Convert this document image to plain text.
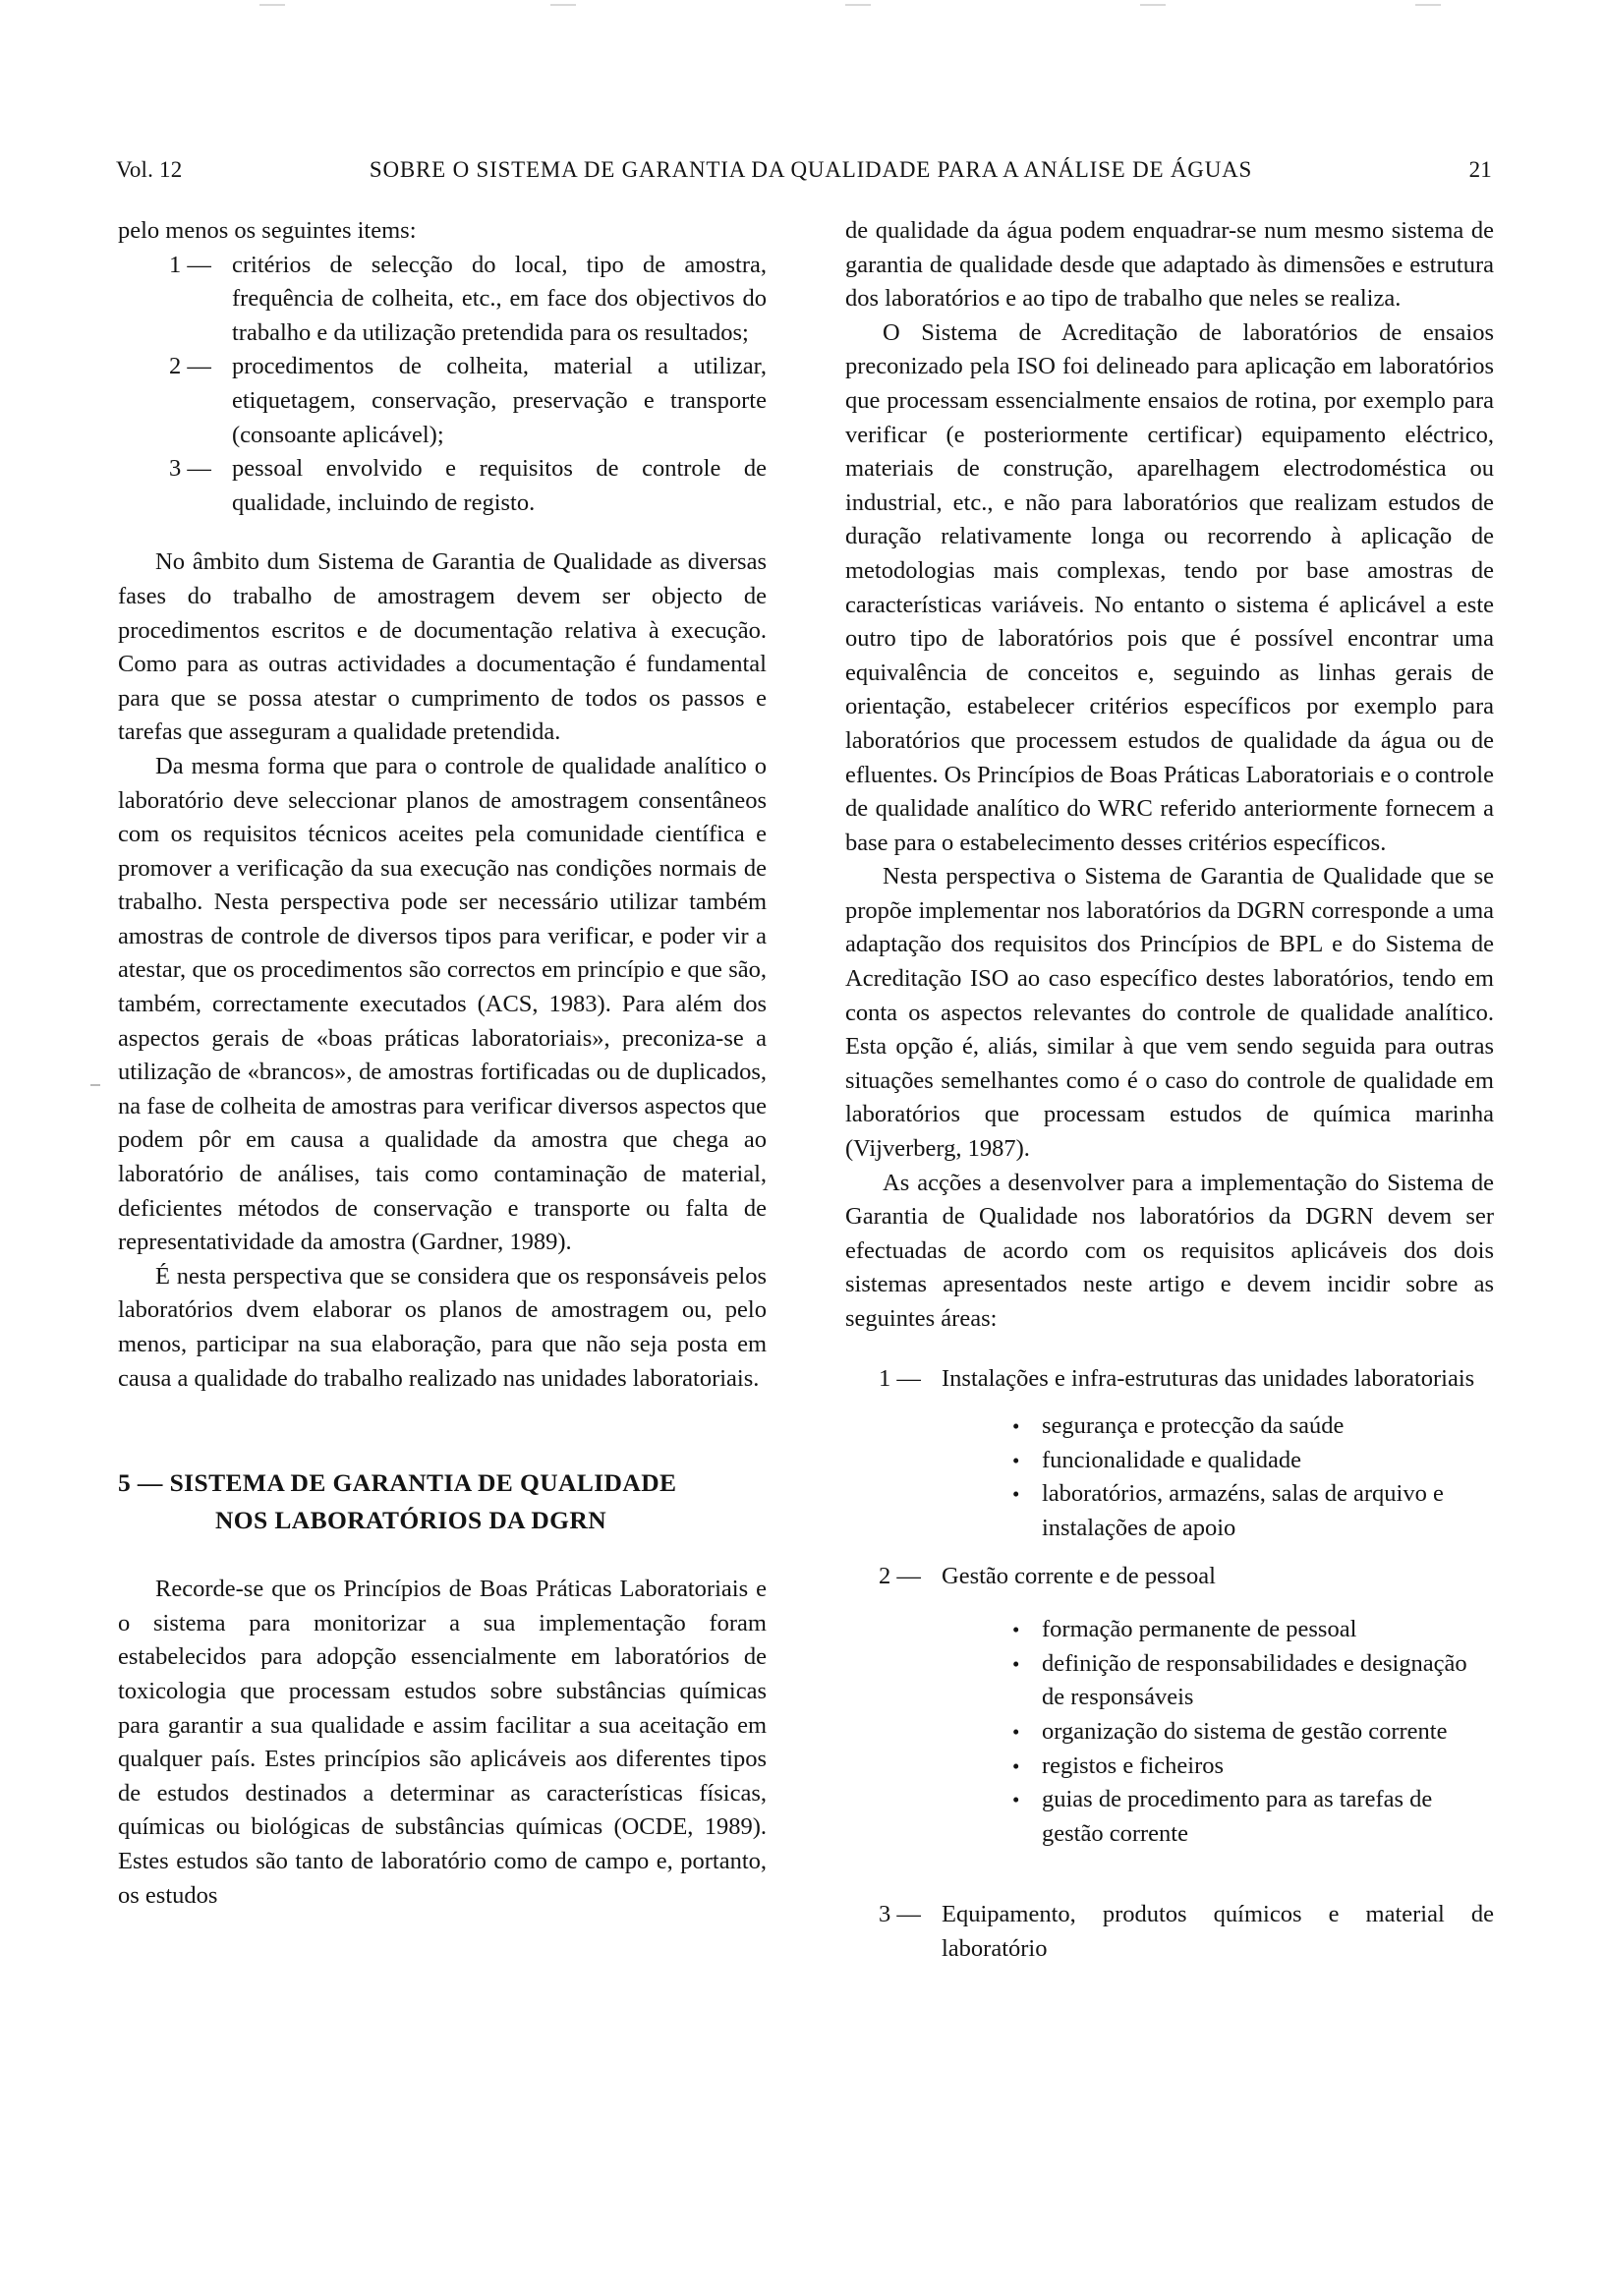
Vol. 12	SOBRE O SISTEMA DE GARANTIA DA QUALIDADE PARA A ANÁLISE DE ÁGUAS	21

pelo menos os seguintes items:

1 — critérios de selecção do local, tipo de amostra, frequência de colheita, etc., em face dos objectivos do trabalho e da utilização pretendida para os resultados;
2 — procedimentos de colheita, material a utilizar, etiquetagem, conservação, preservação e transporte (consoante aplicável);
3 — pessoal envolvido e requisitos de controle de qualidade, incluindo de registo.

No âmbito dum Sistema de Garantia de Qualidade as diversas fases do trabalho de amostragem devem ser objecto de procedimentos escritos e de documentação relativa à execução. Como para as outras actividades a documentação é fundamental para que se possa atestar o cumprimento de todos os passos e tarefas que asseguram a qualidade pretendida.

Da mesma forma que para o controle de qualidade analítico o laboratório deve seleccionar planos de amostragem consentâneos com os requisitos técnicos aceites pela comunidade científica e promover a verificação da sua execução nas condições normais de trabalho. Nesta perspectiva pode ser necessário utilizar também amostras de controle de diversos tipos para verificar, e poder vir a atestar, que os procedimentos são correctos em princípio e que são, também, correctamente executados (ACS, 1983). Para além dos aspectos gerais de «boas práticas laboratoriais», preconiza-se a utilização de «brancos», de amostras fortificadas ou de duplicados, na fase de colheita de amostras para verificar diversos aspectos que podem pôr em causa a qualidade da amostra que chega ao laboratório de análises, tais como contaminação de material, deficientes métodos de conservação e transporte ou falta de representatividade da amostra (Gardner, 1989).

É nesta perspectiva que se considera que os responsáveis pelos laboratórios dvem elaborar os planos de amostragem ou, pelo menos, participar na sua elaboração, para que não seja posta em causa a qualidade do trabalho realizado nas unidades laboratoriais.

5 — SISTEMA DE GARANTIA DE QUALIDADE
NOS LABORATÓRIOS DA DGRN

Recorde-se que os Princípios de Boas Práticas Laboratoriais e o sistema para monitorizar a sua implementação foram estabelecidos para adopção essencialmente em laboratórios de toxicologia que processam estudos sobre substâncias químicas para garantir a sua qualidade e assim facilitar a sua aceitação em qualquer país. Estes princípios são aplicáveis aos diferentes tipos de estudos destinados a determinar as características físicas, químicas ou biológicas de substâncias químicas (OCDE, 1989). Estes estudos são tanto de laboratório como de campo e, portanto, os estudos

de qualidade da água podem enquadrar-se num mesmo sistema de garantia de qualidade desde que adaptado às dimensões e estrutura dos laboratórios e ao tipo de trabalho que neles se realiza.

O Sistema de Acreditação de laboratórios de ensaios preconizado pela ISO foi delineado para aplicação em laboratórios que processam essencialmente ensaios de rotina, por exemplo para verificar (e posteriormente certificar) equipamento eléctrico, materiais de construção, aparelhagem electrodoméstica ou industrial, etc., e não para laboratórios que realizam estudos de duração relativamente longa ou recorrendo à aplicação de metodologias mais complexas, tendo por base amostras de características variáveis. No entanto o sistema é aplicável a este outro tipo de laboratórios pois que é possível encontrar uma equivalência de conceitos e, seguindo as linhas gerais de orientação, estabelecer critérios específicos por exemplo para laboratórios que processem estudos de qualidade da água ou de efluentes. Os Princípios de Boas Práticas Laboratoriais e o controle de qualidade analítico do WRC referido anteriormente fornecem a base para o estabelecimento desses critérios específicos.

Nesta perspectiva o Sistema de Garantia de Qualidade que se propõe implementar nos laboratórios da DGRN corresponde a uma adaptação dos requisitos dos Princípios de BPL e do Sistema de Acreditação ISO ao caso específico destes laboratórios, tendo em conta os aspectos relevantes do controle de qualidade analítico. Esta opção é, aliás, similar à que vem sendo seguida para outras situações semelhantes como é o caso do controle de qualidade em laboratórios que processam estudos de química marinha (Vijverberg, 1987).

As acções a desenvolver para a implementação do Sistema de Garantia de Qualidade nos laboratórios da DGRN devem ser efectuadas de acordo com os requisitos aplicáveis dos dois sistemas apresentados neste artigo e devem incidir sobre as seguintes áreas:

1 — Instalações e infra-estruturas das unidades laboratoriais
• segurança e protecção da saúde
• funcionalidade e qualidade
• laboratórios, armazéns, salas de arquivo e instalações de apoio
2 — Gestão corrente e de pessoal
• formação permanente de pessoal
• definição de responsabilidades e designação de responsáveis
• organização do sistema de gestão corrente
• registos e ficheiros
• guias de procedimento para as tarefas de gestão corrente
3 — Equipamento, produtos químicos e material de laboratório
